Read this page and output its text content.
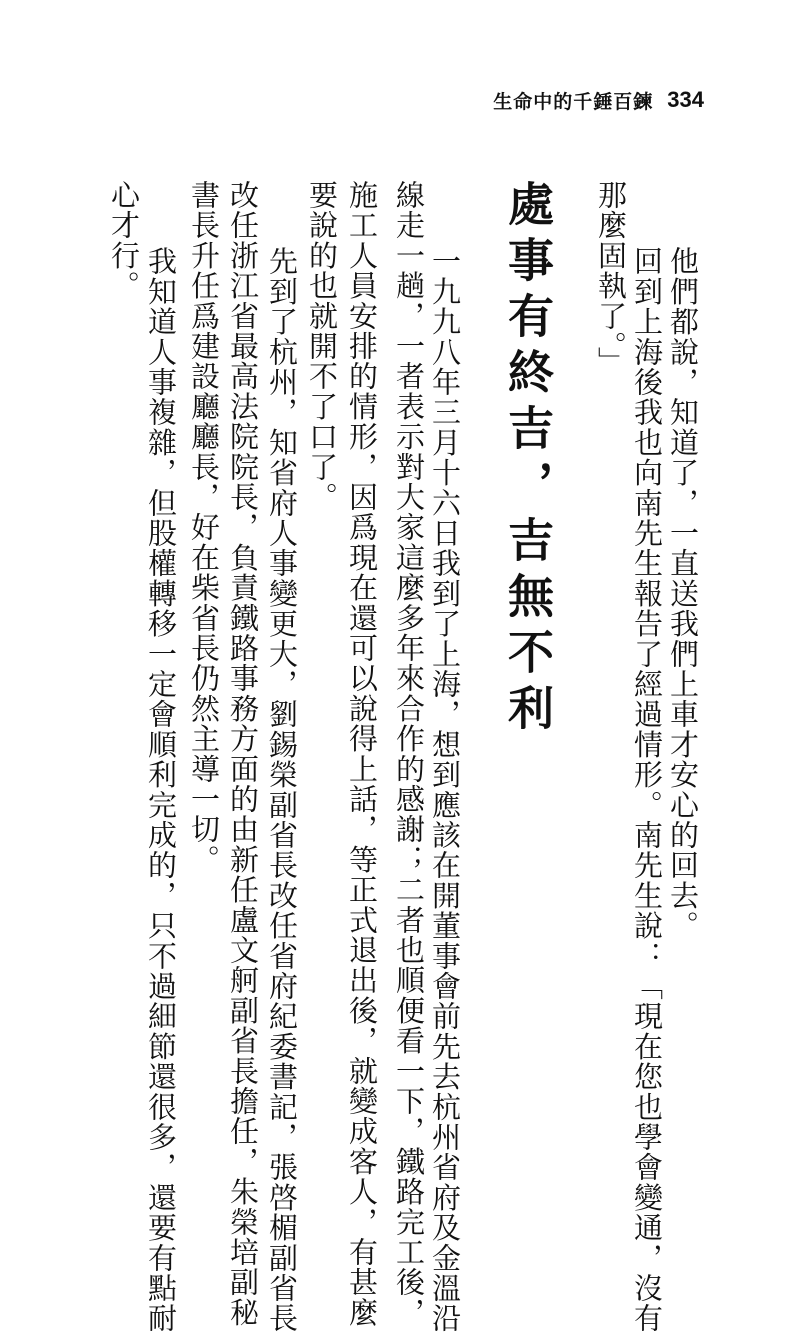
生命中的千錘百鍊 334

　他們都說，知道了，一直送我們上車才安心的回去。

　回到上海後我也向南先生報告了經過情形。南先生說：「現在您也學會變通，沒有

那麼固執了。」

處事有終吉，吉無不利

　一九九八年三月十六日我到了上海，想到應該在開董事會前先去杭州省府及金溫沿

線走一趟，一者表示對大家這麼多年來合作的感謝；二者也順便看一下，鐵路完工後，

施工人員安排的情形，因爲現在還可以說得上話，等正式退出後，就變成客人，有甚麼

要說的也就開不了口了。

　先到了杭州，知省府人事變更大，劉錫榮副省長改任省府紀委書記，張啓楣副省長

改任浙江省最高法院院長，負責鐵路事務方面的由新任盧文舸副省長擔任，朱榮培副秘

書長升任爲建設廳廳長，好在柴省長仍然主導一切。

　我知道人事複雜，但股權轉移一定會順利完成的，只不過細節還很多，還要有點耐

心才行。
